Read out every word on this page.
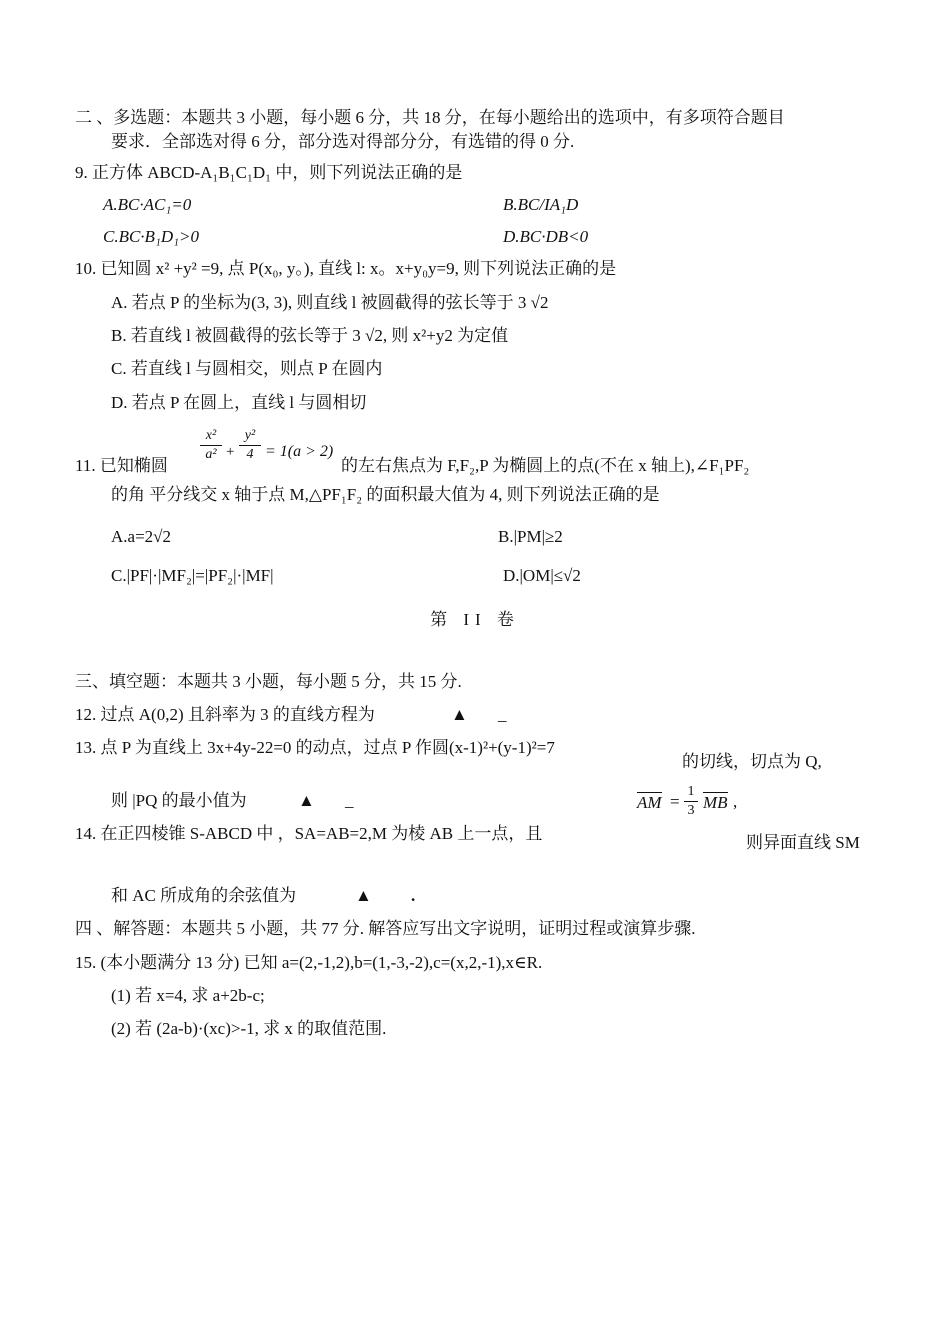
二 、多选题：本题共 3 小题，每小题 6 分，共 18 分，在每小题给出的选项中，有多项符合题目
要求．全部选对得 6 分，部分选对得部分分，有选错的得 0 分.
9. 正方体 ABCD-A₁B₁C₁D₁ 中，则下列说法正确的是
A.BC·AC₁=0	B.BC/IA₁D
C.BC·B₁D₁>0	D.BC·DB<0
10. 已知圆 x² +y² =9, 点 P(x₀, y。), 直线 l: x。x+y₀y=9, 则下列说法正确的是
A. 若点 P 的坐标为(3, 3), 则直线 l 被圆截得的弦长等于 3 √2
B. 若直线 l 被圆截得的弦长等于 3 √2, 则 x²+y2 为定值
C. 若直线 l 与圆相交，则点 P 在圆内
D. 若点 P 在圆上，直线 l 与圆相切
11. 已知椭圆
x²
a² +
y²
4 = 1(a > 2)
的左右焦点为 F,F₂,P 为椭圆上的点(不在 x 轴上),∠F₁PF₂
的角 平分线交 x 轴于点 M,△PF₁F₂ 的面积最大值为 4, 则下列说法正确的是
A.a=2√2	B.|PM|≥2
C.|PF|·|MF₂|=|PF₂|·|MF|	D.|OM|≤√2
第 II 卷
三、填空题：本题共 3 小题，每小题 5 分，共 15 分.
12. 过点 A(0,2) 且斜率为 3 的直线方程为	▲ _
13. 点 P 为直线上 3x+4y-22=0 的动点，过点 P 作圆(x-1)²+(y-1)²=7
的切线，切点为 Q,
则 |PQ 的最小值为	▲ _
14. 在正四棱锥 S-ABCD 中 ，SA=AB=2,M 为棱 AB 上一点，且
AM =
1
3 MB ,
则异面直线 SM
和 AC 所成角的余弦值为	▲ .
四 、解答题：本题共 5 小题，共 77 分. 解答应写出文字说明，证明过程或演算步骤.
15. (本小题满分 13 分) 已知 a=(2,-1,2),b=(1,-3,-2),c=(x,2,-1),x∈R.
(1) 若 x=4, 求 a+2b-c;
(2) 若 (2a-b)·(xc)>-1, 求 x 的取值范围.
